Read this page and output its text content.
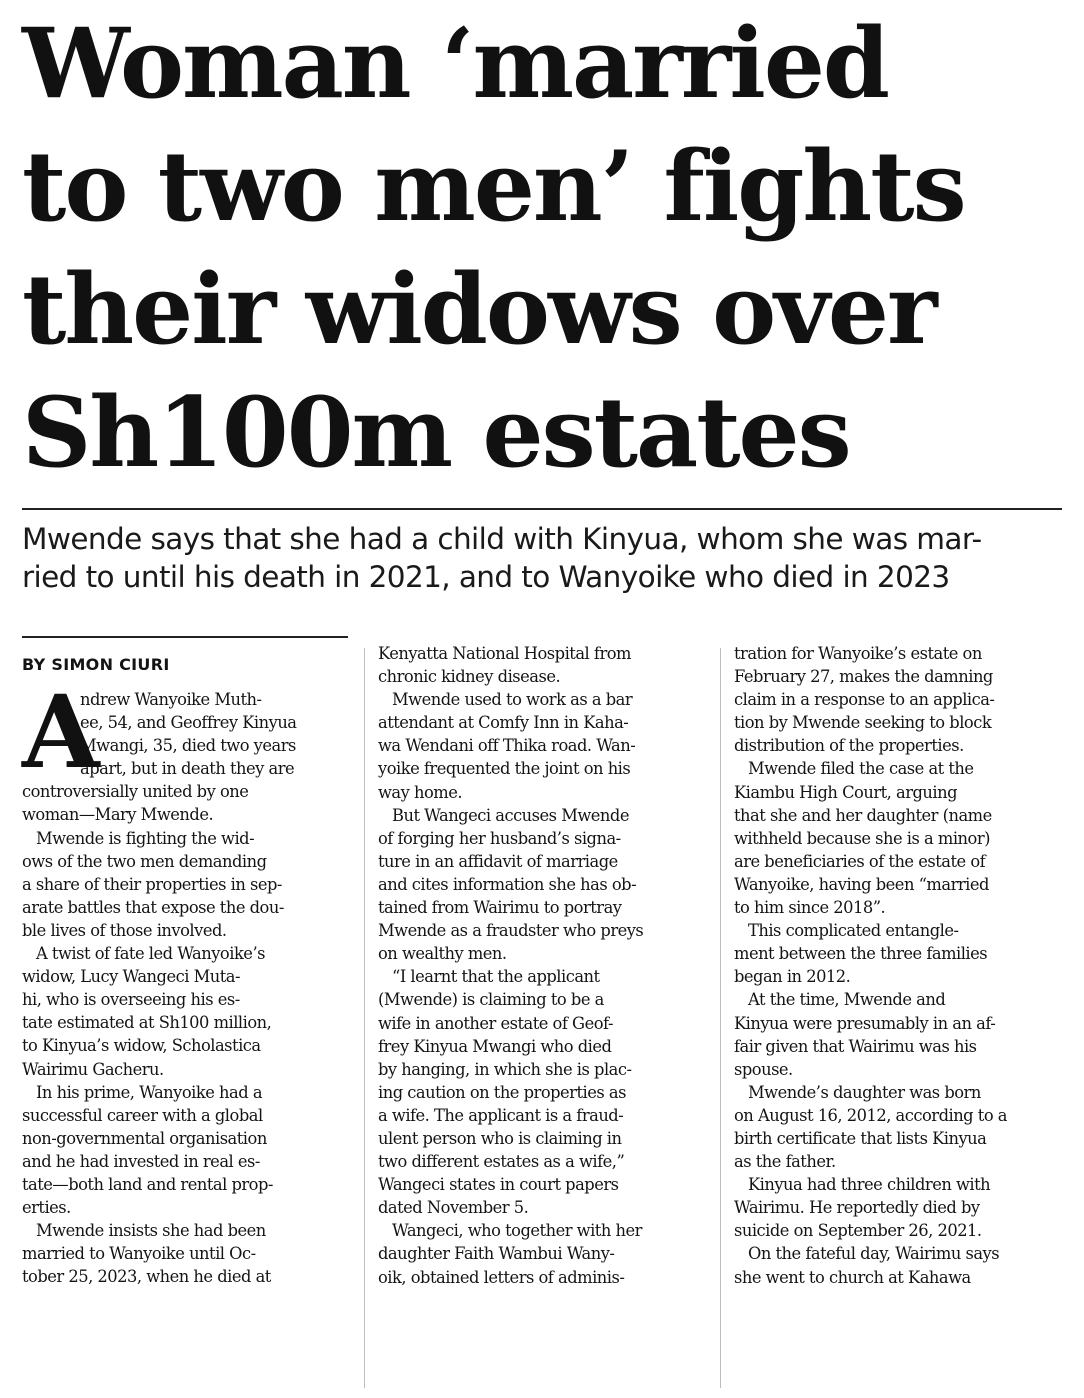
Woman ‘married
to two men’ fights
their widows over
Sh100m estates
Mwende says that she had a child with Kinyua, whom she was mar-
ried to until his death in 2021, and to Wanyoike who died in 2023
BY SIMON CIURI
A
ndrew Wanyoike Muth-
ee, 54, and Geoffrey Kinyua
Mwangi, 35, died two years
apart, but in death they are
controversially united by one
woman—Mary Mwende.
Mwende is fighting the wid-
ows of the two men demanding
a share of their properties in sep-
arate battles that expose the dou-
ble lives of those involved.
A twist of fate led Wanyoike’s
widow, Lucy Wangeci Muta-
hi, who is overseeing his es-
tate estimated at Sh100 million,
to Kinyua’s widow, Scholastica
Wairimu Gacheru.
In his prime, Wanyoike had a
successful career with a global
non-governmental organisation
and he had invested in real es-
tate—both land and rental prop-
erties.
Mwende insists she had been
married to Wanyoike until Oc-
tober 25, 2023, when he died at
Kenyatta National Hospital from
chronic kidney disease.
Mwende used to work as a bar
attendant at Comfy Inn in Kaha-
wa Wendani off Thika road. Wan-
yoike frequented the joint on his
way home.
But Wangeci accuses Mwende
of forging her husband’s signa-
ture in an affidavit of marriage
and cites information she has ob-
tained from Wairimu to portray
Mwende as a fraudster who preys
on wealthy men.
“I learnt that the applicant
(Mwende) is claiming to be a
wife in another estate of Geof-
frey Kinyua Mwangi who died
by hanging, in which she is plac-
ing caution on the properties as
a wife. The applicant is a fraud-
ulent person who is claiming in
two different estates as a wife,”
Wangeci states in court papers
dated November 5.
Wangeci, who together with her
daughter Faith Wambui Wany-
oik, obtained letters of adminis-
tration for Wanyoike’s estate on
February 27, makes the damning
claim in a response to an applica-
tion by Mwende seeking to block
distribution of the properties.
Mwende filed the case at the
Kiambu High Court, arguing
that she and her daughter (name
withheld because she is a minor)
are beneficiaries of the estate of
Wanyoike, having been “married
to him since 2018”.
This complicated entangle-
ment between the three families
began in 2012.
At the time, Mwende and
Kinyua were presumably in an af-
fair given that Wairimu was his
spouse.
Mwende’s daughter was born
on August 16, 2012, according to a
birth certificate that lists Kinyua
as the father.
Kinyua had three children with
Wairimu. He reportedly died by
suicide on September 26, 2021.
On the fateful day, Wairimu says
she went to church at Kahawa
